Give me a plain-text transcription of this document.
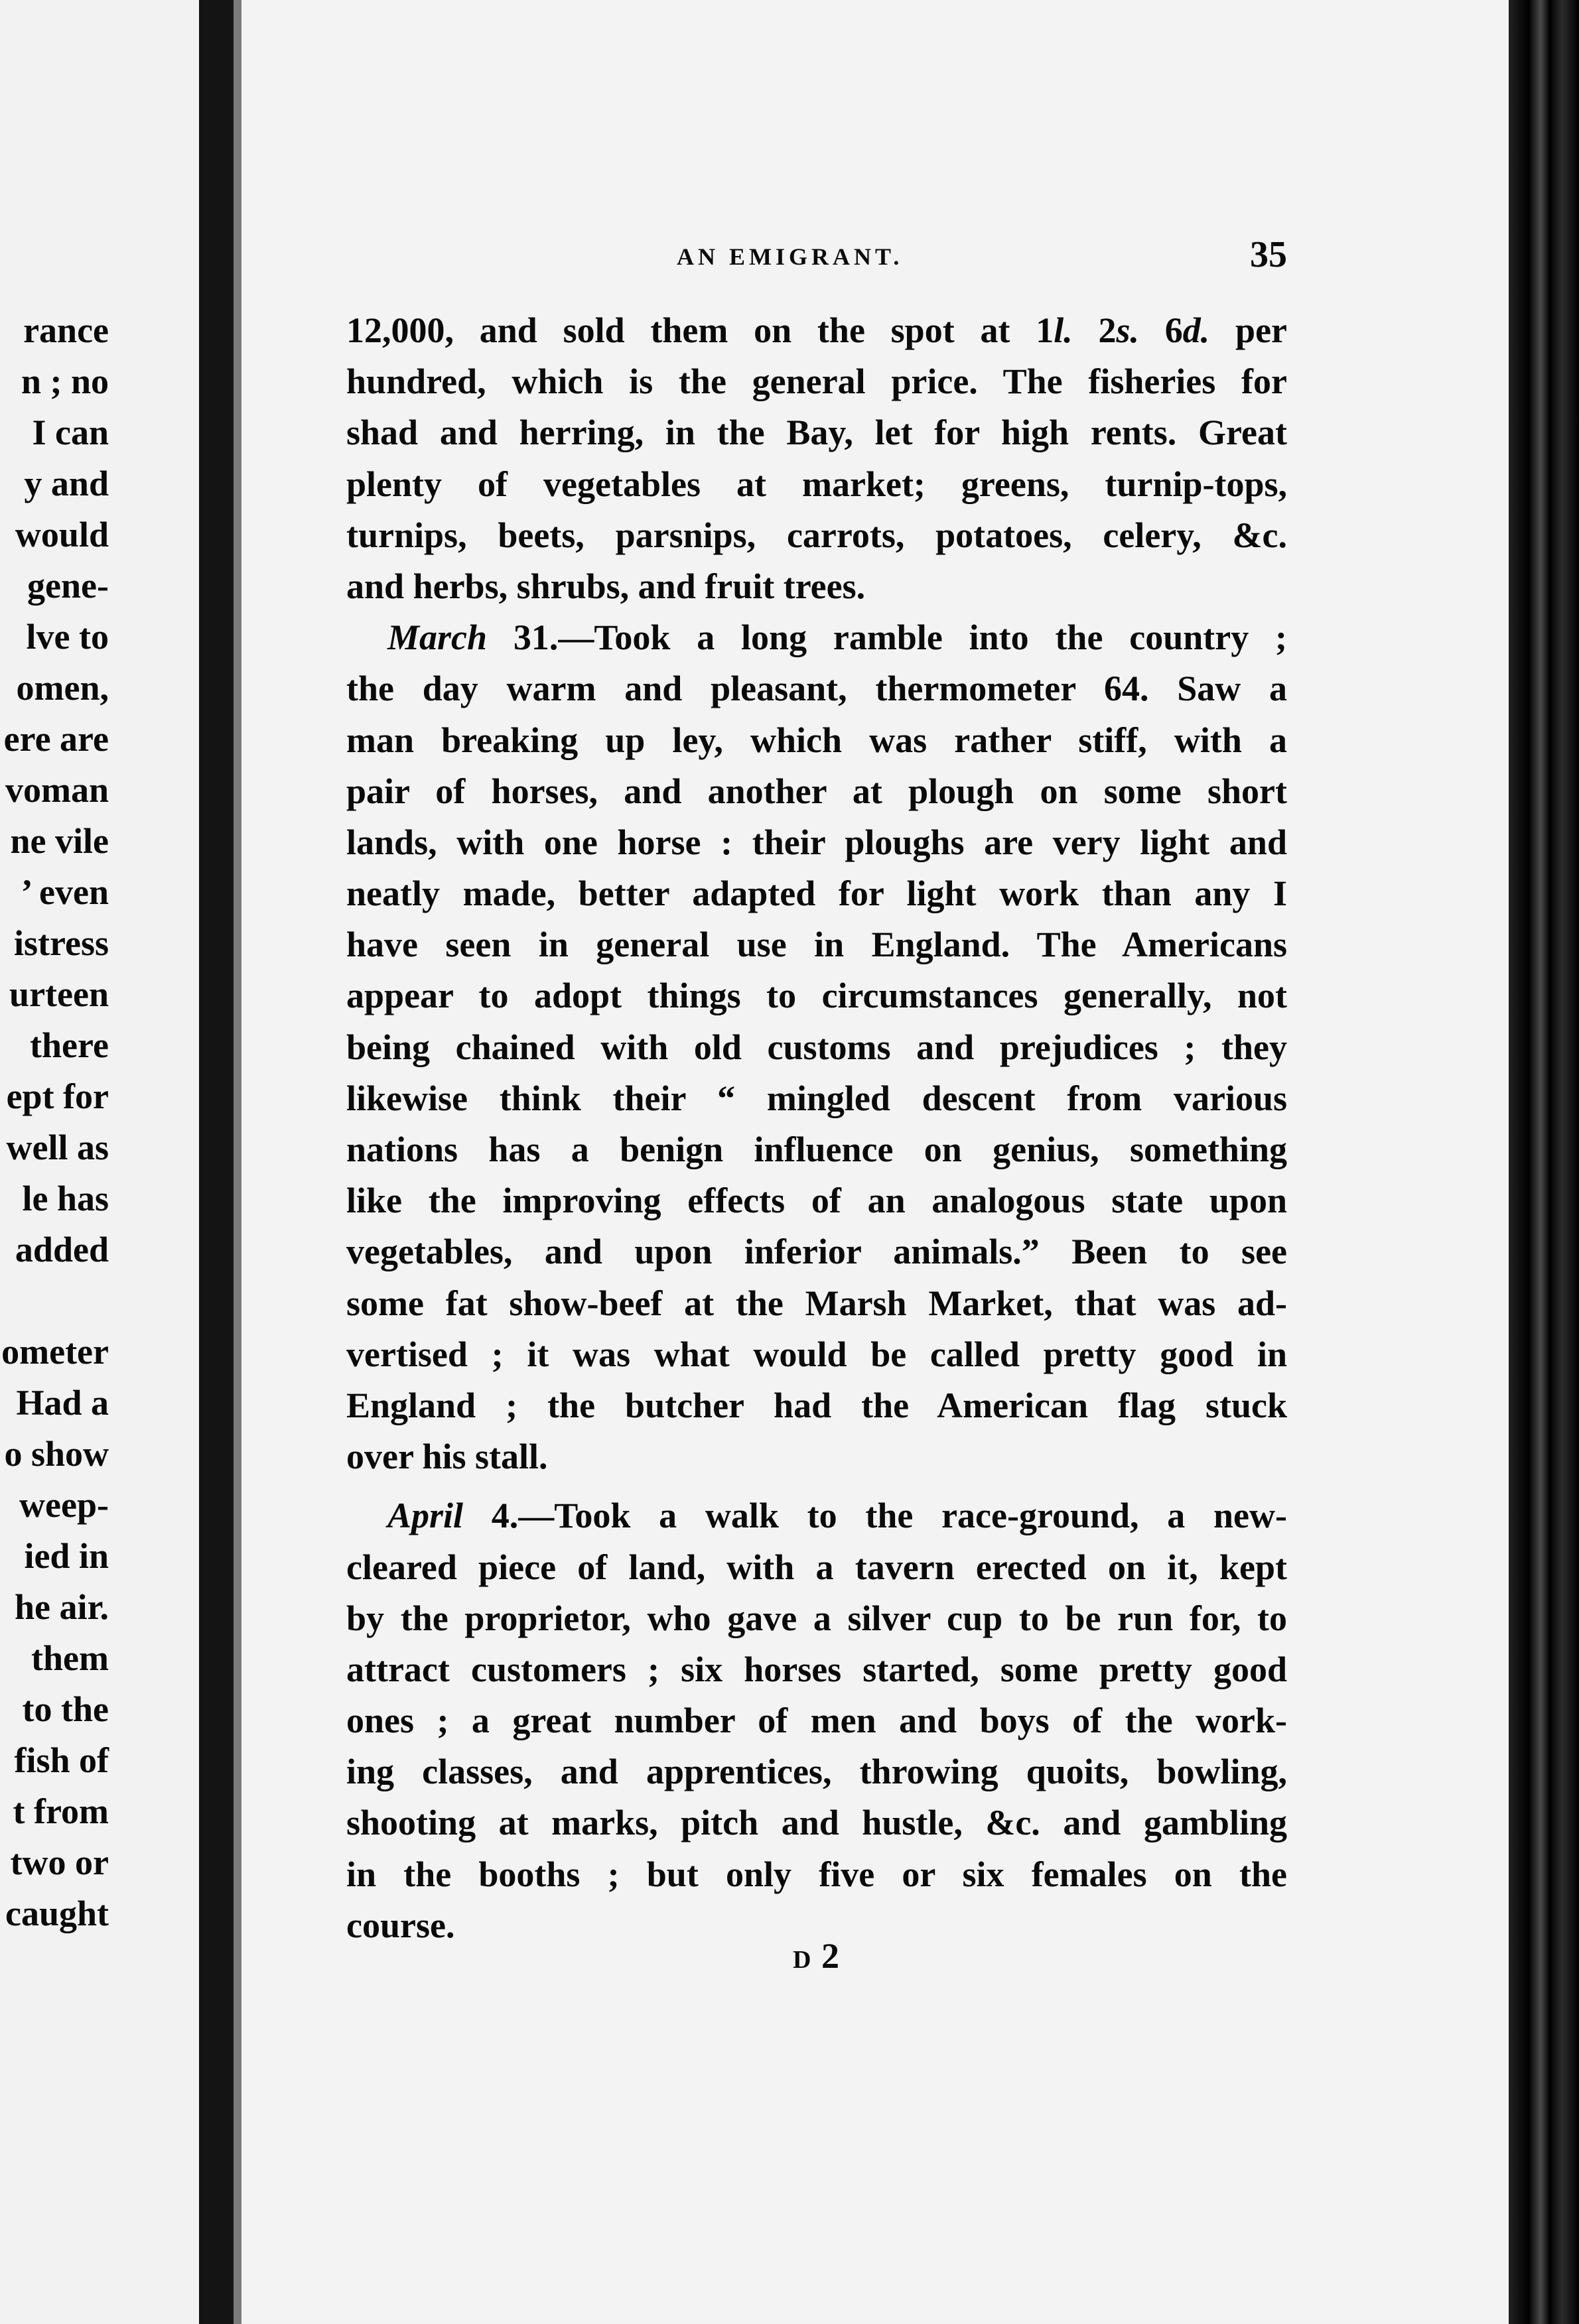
rance
n ; no
I can
y and
would
gene-
lve to
omen,
ere are
voman
ne vile
’ even
istress
urteen
there
ept for
well as
le has
added

ometer
Had a
o show
weep-
ied in
he air.
them
to the
fish of
t from
two or
caught
AN EMIGRANT.	35
12,000, and sold them on the spot at 1l. 2s. 6d. per
hundred, which is the general price. The fisheries for
shad and herring, in the Bay, let for high rents. Great
plenty of vegetables at market; greens, turnip-tops,
turnips, beets, parsnips, carrots, potatoes, celery, &c.
and herbs, shrubs, and fruit trees.
March 31.—Took a long ramble into the country ;
the day warm and pleasant, thermometer 64. Saw a
man breaking up ley, which was rather stiff, with a
pair of horses, and another at plough on some short
lands, with one horse : their ploughs are very light and
neatly made, better adapted for light work than any I
have seen in general use in England. The Americans
appear to adopt things to circumstances generally, not
being chained with old customs and prejudices ; they
likewise think their “ mingled descent from various
nations has a benign influence on genius, something
like the improving effects of an analogous state upon
vegetables, and upon inferior animals.” Been to see
some fat show-beef at the Marsh Market, that was ad-
vertised ; it was what would be called pretty good in
England ; the butcher had the American flag stuck
over his stall.
April 4.—Took a walk to the race-ground, a new-
cleared piece of land, with a tavern erected on it, kept
by the proprietor, who gave a silver cup to be run for, to
attract customers ; six horses started, some pretty good
ones ; a great number of men and boys of the work-
ing classes, and apprentices, throwing quoits, bowling,
shooting at marks, pitch and hustle, &c. and gambling
in the booths ; but only five or six females on the
course.
D 2
